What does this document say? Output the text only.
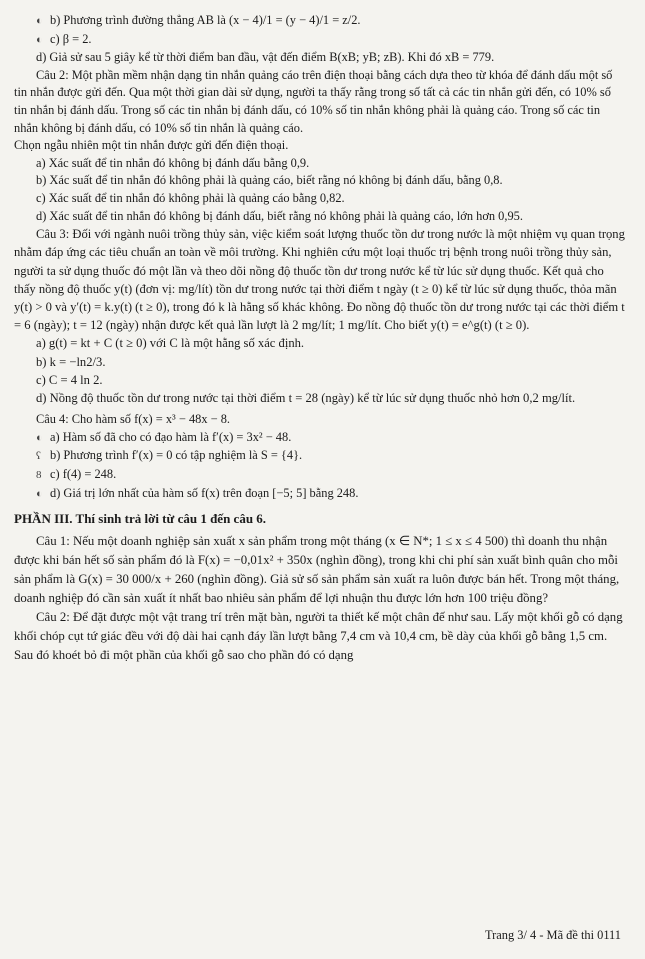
◐ b) Phương trình đường thẳng AB là (x − 4)/1 = (y − 4)/1 = z/2.

◐ c) β = 2.

d) Giả sử sau 5 giây kể từ thời điểm ban đầu, vật đến điểm B(xB; yB; zB). Khi đó xB = 779.

Câu 2: Một phần mềm nhận dạng tin nhắn quảng cáo trên điện thoại bằng cách dựa theo từ khóa để đánh dấu một số tin nhắn được gửi đến. Qua một thời gian dài sử dụng, người ta thấy rằng trong số tất cả các tin nhắn gửi đến, có 10% số tin nhắn bị đánh dấu. Trong số các tin nhắn bị đánh dấu, có 10% số tin nhắn không phải là quảng cáo. Trong số các tin nhắn không bị đánh dấu, có 10% số tin nhắn là quảng cáo.

Chọn ngẫu nhiên một tin nhắn được gửi đến điện thoại.

a) Xác suất để tin nhắn đó không bị đánh dấu bằng 0,9.

b) Xác suất để tin nhắn đó không phải là quảng cáo, biết rằng nó không bị đánh dấu, bằng 0,8.

c) Xác suất để tin nhắn đó không phải là quảng cáo bằng 0,82.

d) Xác suất để tin nhắn đó không bị đánh dấu, biết rằng nó không phải là quảng cáo, lớn hơn 0,95.

Câu 3: Đối với ngành nuôi trồng thủy sản, việc kiểm soát lượng thuốc tồn dư trong nước là một nhiệm vụ quan trọng nhằm đáp ứng các tiêu chuẩn an toàn về môi trường. Khi nghiên cứu một loại thuốc trị bệnh trong nuôi trồng thủy sản, người ta sử dụng thuốc đó một lần và theo dõi nồng độ thuốc tồn dư trong nước kể từ lúc sử dụng thuốc. Kết quả cho thấy nồng độ thuốc y(t) (đơn vị: mg/lít) tồn dư trong nước tại thời điểm t ngày (t ≥ 0) kể từ lúc sử dụng thuốc, thỏa mãn y(t) > 0 và y′(t) = k.y(t) (t ≥ 0), trong đó k là hằng số khác không. Đo nồng độ thuốc tồn dư trong nước tại các thời điểm t = 6 (ngày); t = 12 (ngày) nhận được kết quả lần lượt là 2 mg/lít; 1 mg/lít. Cho biết y(t) = e^g(t) (t ≥ 0).

a) g(t) = kt + C (t ≥ 0) với C là một hằng số xác định.

b) k = −ln2/3.

c) C = 4 ln 2.

d) Nồng độ thuốc tồn dư trong nước tại thời điểm t = 28 (ngày) kể từ lúc sử dụng thuốc nhỏ hơn 0,2 mg/lít.

Câu 4: Cho hàm số f(x) = x³ − 48x − 8.

◐ a) Hàm số đã cho có đạo hàm là f′(x) = 3x² − 48.

ʕ b) Phương trình f′(x) = 0 có tập nghiệm là S = {4}.

8 c) f(4) = 248.

◐ d) Giá trị lớn nhất của hàm số f(x) trên đoạn [−5; 5] bằng 248.

PHẦN III. Thí sinh trả lời từ câu 1 đến câu 6.

Câu 1: Nếu một doanh nghiệp sản xuất x sản phẩm trong một tháng (x ∈ N*; 1 ≤ x ≤ 4 500) thì doanh thu nhận được khi bán hết số sản phẩm đó là F(x) = −0,01x² + 350x (nghìn đồng), trong khi chi phí sản xuất bình quân cho mỗi sản phẩm là G(x) = 30 000/x + 260 (nghìn đồng). Giả sử số sản phẩm sản xuất ra luôn được bán hết. Trong một tháng, doanh nghiệp đó cần sản xuất ít nhất bao nhiêu sản phẩm để lợi nhuận thu được lớn hơn 100 triệu đồng?

Câu 2: Để đặt được một vật trang trí trên mặt bàn, người ta thiết kế một chân đế như sau. Lấy một khối gỗ có dạng khối chóp cụt tứ giác đều với độ dài hai cạnh đáy lần lượt bằng 7,4 cm và 10,4 cm, bề dày của khối gỗ bằng 1,5 cm. Sau đó khoét bỏ đi một phần của khối gỗ sao cho phần đó có dạng

Trang 3/ 4 - Mã đề thi 0111
